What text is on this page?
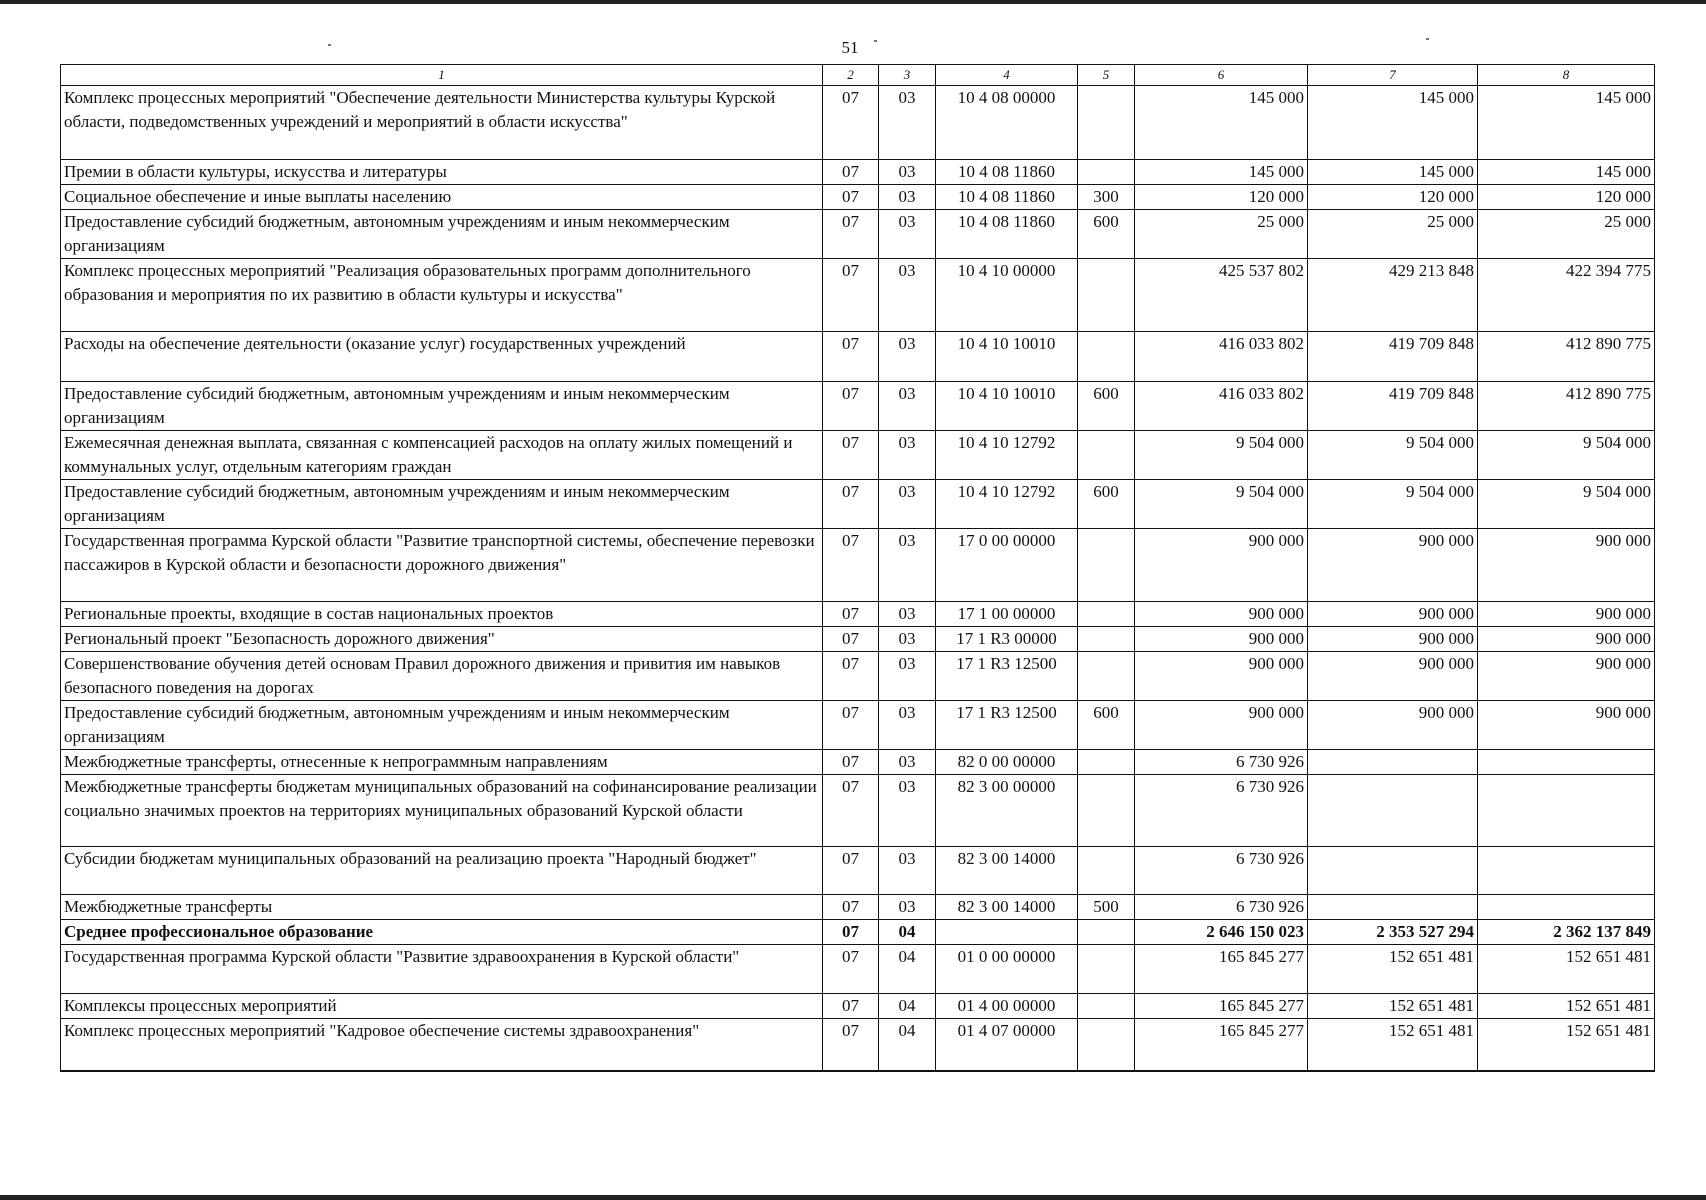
51
1	2	3	4	5	6	7	8
Комплекс процессных мероприятий "Обеспечение деятельности Министерства культуры Курской области, подведомственных учреждений и мероприятий в области искусства"	07	03	10 4 08 00000		145 000	145 000	145 000
Премии в области культуры, искусства и литературы	07	03	10 4 08 11860		145 000	145 000	145 000
Социальное обеспечение и иные выплаты населению	07	03	10 4 08 11860	300	120 000	120 000	120 000
Предоставление субсидий бюджетным, автономным учреждениям и иным некоммерческим организациям	07	03	10 4 08 11860	600	25 000	25 000	25 000
Комплекс процессных мероприятий "Реализация образовательных программ дополнительного образования и мероприятия по их развитию в области культуры и искусства"	07	03	10 4 10 00000		425 537 802	429 213 848	422 394 775
Расходы на обеспечение деятельности (оказание услуг) государственных учреждений	07	03	10 4 10 10010		416 033 802	419 709 848	412 890 775
Предоставление субсидий бюджетным, автономным учреждениям и иным некоммерческим организациям	07	03	10 4 10 10010	600	416 033 802	419 709 848	412 890 775
Ежемесячная денежная выплата, связанная с компенсацией расходов на оплату жилых помещений и коммунальных услуг, отдельным категориям граждан	07	03	10 4 10 12792		9 504 000	9 504 000	9 504 000
Предоставление субсидий бюджетным, автономным учреждениям и иным некоммерческим организациям	07	03	10 4 10 12792	600	9 504 000	9 504 000	9 504 000
Государственная программа Курской области "Развитие транспортной системы, обеспечение перевозки пассажиров в Курской области и безопасности дорожного движения"	07	03	17 0 00 00000		900 000	900 000	900 000
Региональные проекты, входящие в состав национальных проектов	07	03	17 1 00 00000		900 000	900 000	900 000
Региональный проект "Безопасность дорожного движения"	07	03	17 1 R3 00000		900 000	900 000	900 000
Совершенствование обучения детей основам Правил дорожного движения и привития им навыков безопасного поведения на дорогах	07	03	17 1 R3 12500		900 000	900 000	900 000
Предоставление субсидий бюджетным, автономным учреждениям и иным некоммерческим организациям	07	03	17 1 R3 12500	600	900 000	900 000	900 000
Межбюджетные трансферты, отнесенные к непрограммным направлениям	07	03	82 0 00 00000		6 730 926		
Межбюджетные трансферты бюджетам муниципальных образований на софинансирование реализации социально значимых проектов на территориях муниципальных образований Курской области	07	03	82 3 00 00000		6 730 926		
Субсидии бюджетам муниципальных образований на реализацию проекта "Народный бюджет"	07	03	82 3 00 14000		6 730 926		
Межбюджетные трансферты	07	03	82 3 00 14000	500	6 730 926		
Среднее профессиональное образование	07	04			2 646 150 023	2 353 527 294	2 362 137 849
Государственная программа Курской области "Развитие здравоохранения в Курской области"	07	04	01 0 00 00000		165 845 277	152 651 481	152 651 481
Комплексы процессных мероприятий	07	04	01 4 00 00000		165 845 277	152 651 481	152 651 481
Комплекс процессных мероприятий "Кадровое обеспечение системы здравоохранения"	07	04	01 4 07 00000		165 845 277	152 651 481	152 651 481
